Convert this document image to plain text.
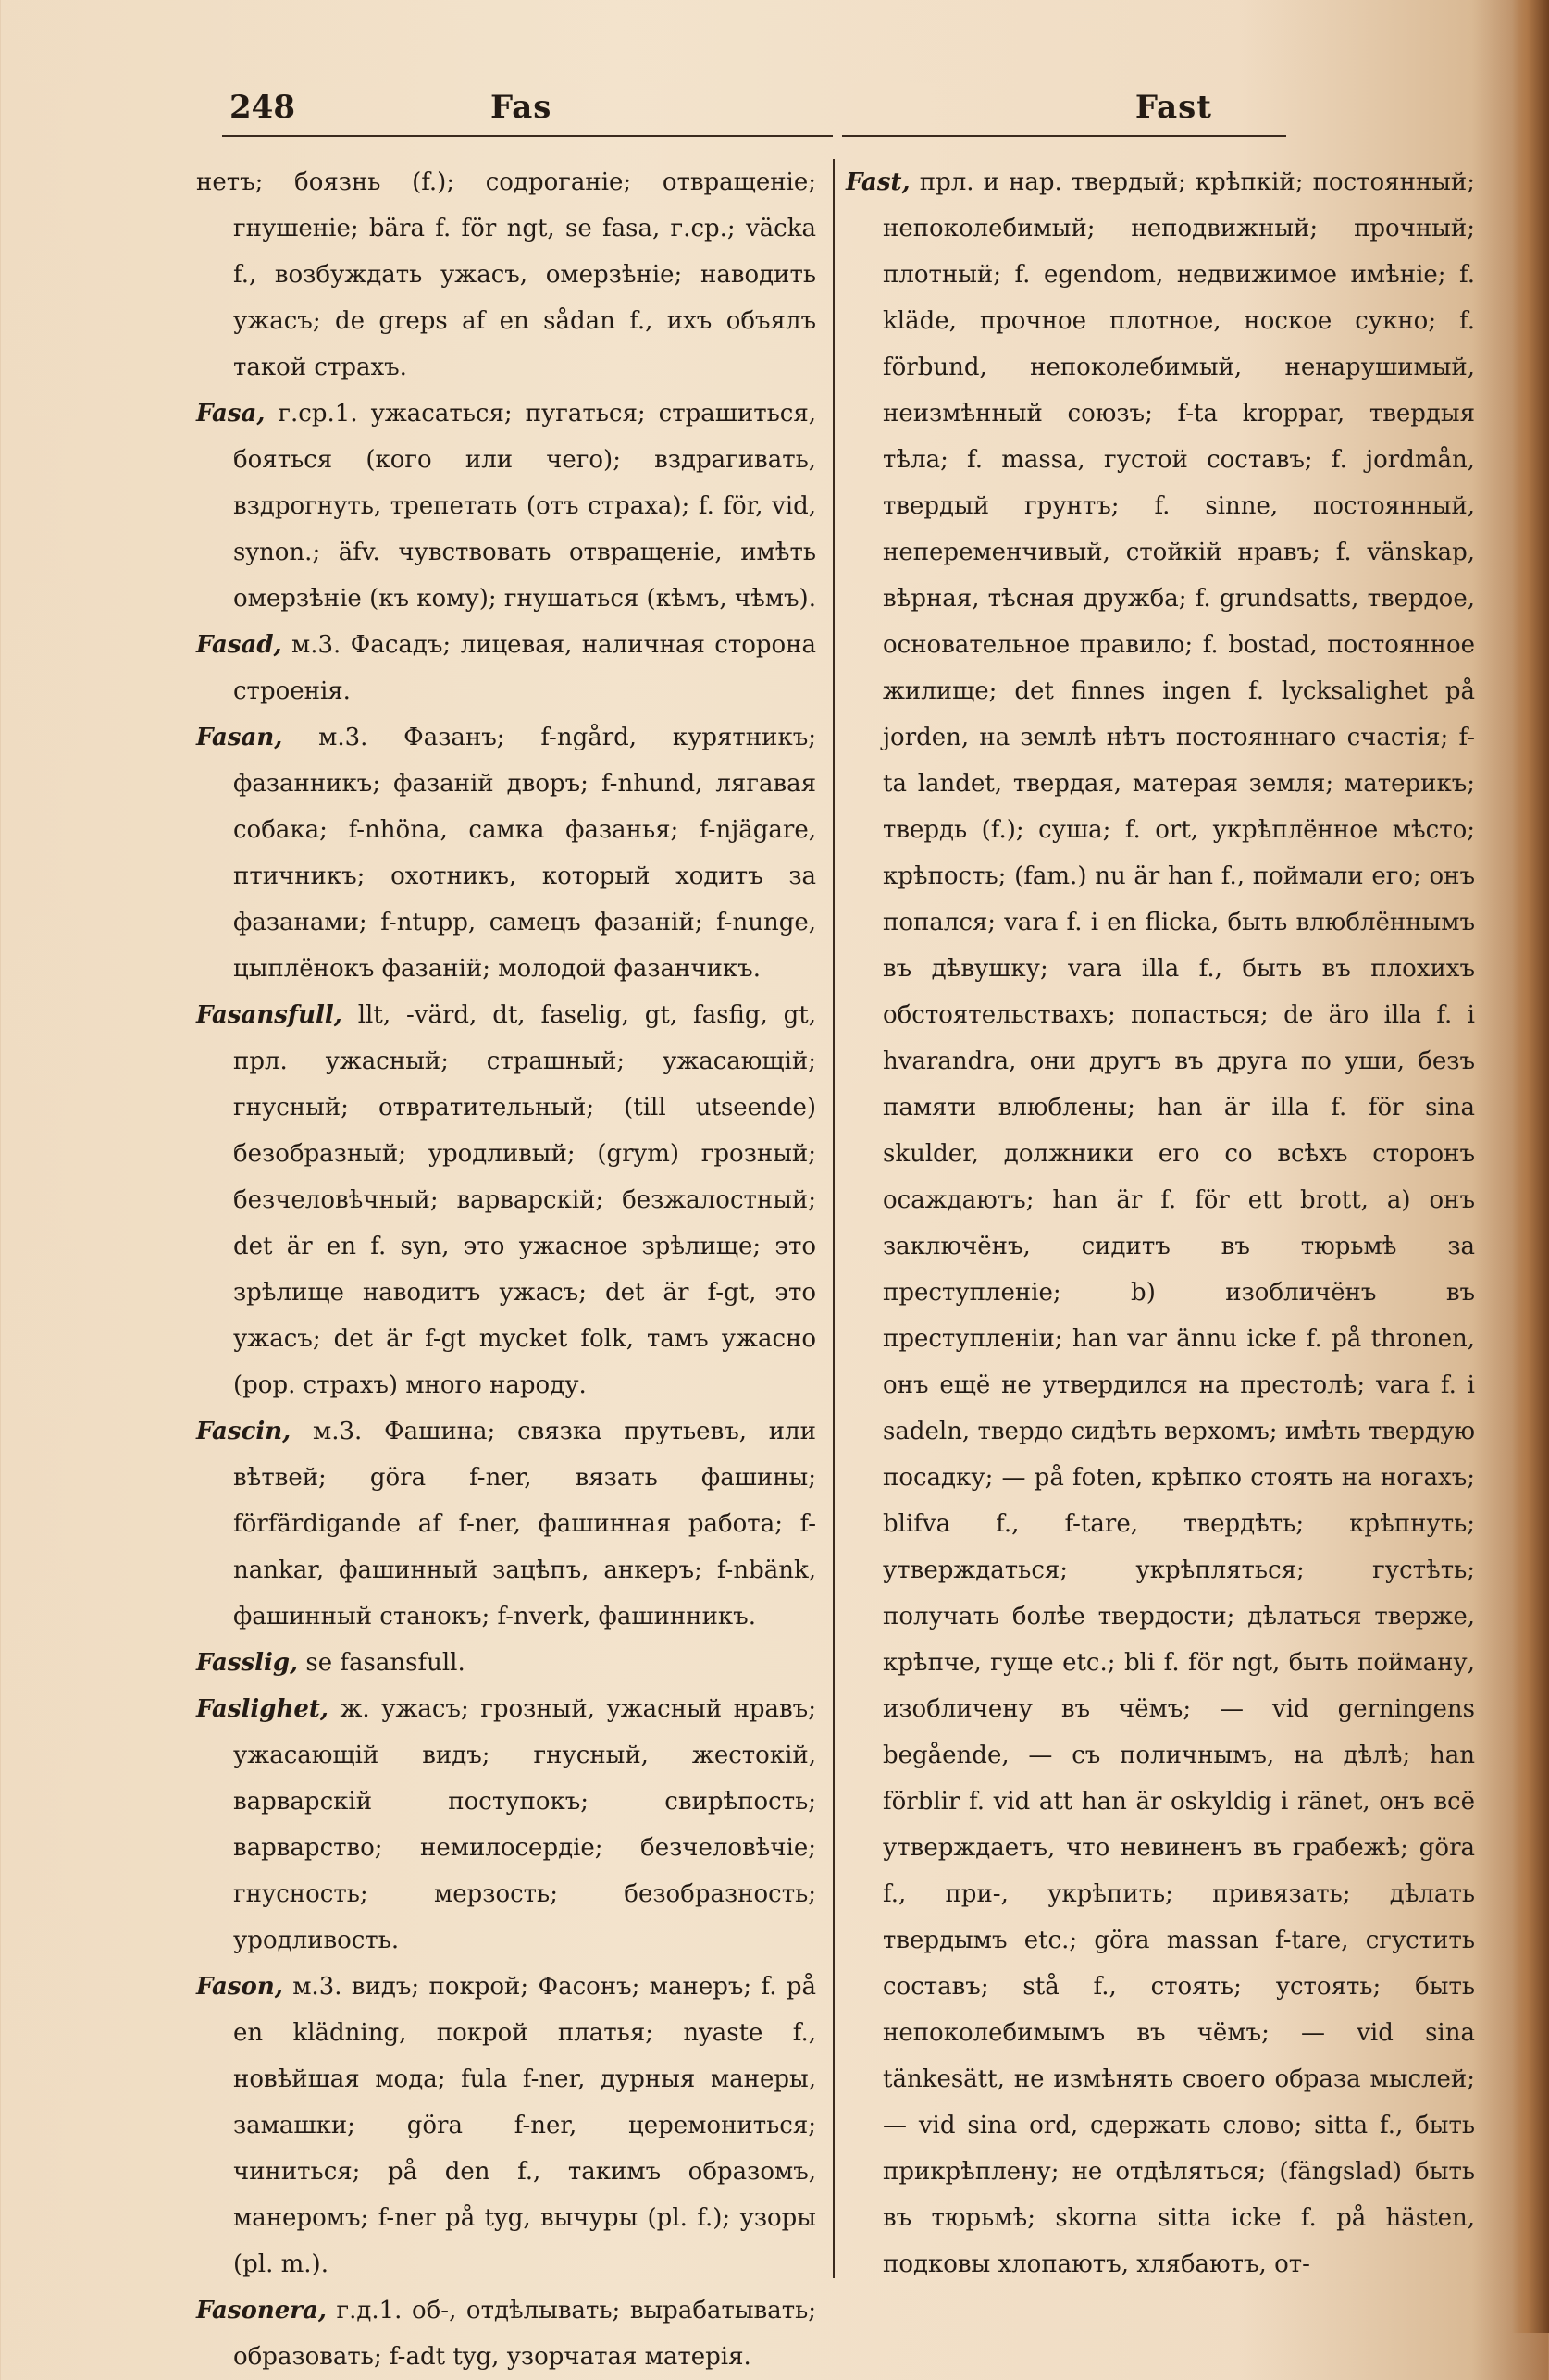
248	Fas	Fast

нетъ; боязнь (f.); содроганіе; отвращеніе; гнушеніе; bära f. för ngt, se fasa, г.ср.; väcka f., возбуждать ужасъ, омерзѣніе; наводить ужасъ; de greps af en sådan f., ихъ объялъ такой страхъ.

Fasa, г.ср.1. ужасаться; пугаться; страшиться, бояться (кого или чего); вздрагивать, вздрогнуть, трепетать (отъ страха); f. för, vid, synon.; äfv. чувствовать отвращеніе, имѣть омерзѣніе (къ кому); гнушаться (кѣмъ, чѣмъ).

Fasad, м.3. Фасадъ; лицевая, наличная сторона строенія.

Fasan, м.3. Фазанъ; f-ngård, курятникъ; фазанникъ; фазаній дворъ; f-nhund, лягавая собака; f-nhöna, самка фазанья; f-njägare, птичникъ; охотникъ, который ходитъ за фазанами; f-ntupp, самецъ фазаній; f-nunge, цыплёнокъ фазаній; молодой фазанчикъ.

Fasansfull, llt, -värd, dt, faselig, gt, fasfig, gt, прл. ужасный; страшный; ужасающій; гнусный; отвратительный; (till utseende) безобразный; уродливый; (grym) грозный; безчеловѣчный; варварскій; безжалостный; det är en f. syn, это ужасное зрѣлище; это зрѣлище наводитъ ужасъ; det är f-gt, это ужасъ; det är f-gt mycket folk, тамъ ужасно (рор. страхъ) много народу.

Fascin, м.3. Фашина; связка прутьевъ, или вѣтвей; göra f-ner, вязать фашины; förfärdigande af f-ner, фашинная работа; f-nankar, фашинный зацѣпъ, анкеръ; f-nbänk, фашинный станокъ; f-nverk, фашинникъ.

Fasslig, se fasansfull.

Faslighet, ж. ужасъ; грозный, ужасный нравъ; ужасающій видъ; гнусный, жестокій, варварскій поступокъ; свирѣпость; варварство; немилосердіе; безчеловѣчіе; гнусность; мерзость; безобразность; уродливость.

Fason, м.3. видъ; покрой; Фасонъ; манеръ; f. på en klädning, покрой платья; nyaste f., новѣйшая мода; fula f-ner, дурныя манеры, замашки; göra f-ner, церемониться; чиниться; på den f., такимъ образомъ, манеромъ; f-ner på tyg, вычуры (pl. f.); узоры (pl. m.).

Fasonera, г.д.1. об-, отдѣлывать; вырабатывать; образовать; f-adt tyg, узорчатая матерія.

Fast, прл. и нар. твердый; крѣпкій; постоянный; непоколебимый; неподвижный; прочный; плотный; f. egendom, недвижимое имѣніе; f. kläde, прочное плотное, ноское сукно; f. förbund, непоколебимый, ненарушимый, неизмѣнный союзъ; f-ta kroppar, твердыя тѣла; f. massa, густой составъ; f. jordmån, твердый грунтъ; f. sinne, постоянный, непеременчивый, стойкій нравъ; f. vänskap, вѣрная, тѣсная дружба; f. grundsatts, твердое, основательное правило; f. bostad, постоянное жилище; det finnes ingen f. lycksalighet på jorden, на землѣ нѣтъ постояннаго счастія; f-ta landet, твердая, матерая земля; материкъ; твердь (f.); суша; f. ort, укрѣплённое мѣсто; крѣпость; (fam.) nu är han f., поймали его; онъ попался; vara f. i en flicka, быть влюблённымъ въ дѣвушку; vara illa f., быть въ плохихъ обстоятельствахъ; попасться; de äro illa f. i hvarandra, они другъ въ друга по уши, безъ памяти влюблены; han är illa f. för sina skulder, должники его со всѣхъ сторонъ осаждаютъ; han är f. för ett brott, а) онъ заключёнъ, сидитъ въ тюрьмѣ за преступленіе; b) изобличёнъ въ преступленіи; han var ännu icke f. på thronen, онъ ещё не утвердился на престолѣ; vara f. i sadeln, твердо сидѣть верхомъ; имѣть твердую посадку; — på foten, крѣпко стоять на ногахъ; blifva f., f-tare, твердѣть; крѣпнуть; утверждаться; укрѣпляться; густѣть; получать болѣе твердости; дѣлаться тверже, крѣпче, гуще etc.; bli f. för ngt, быть пойману, изобличену въ чёмъ; — vid gerningens begående, — съ поличнымъ, на дѣлѣ; han förblir f. vid att han är oskyldig i ränet, онъ всё утверждаетъ, что невиненъ въ грабежѣ; göra f., при-, укрѣпить; привязать; дѣлать твердымъ etc.; göra massan f-tare, сгустить составъ; stå f., стоять; устоять; быть непоколебимымъ въ чёмъ; — vid sina tänkesätt, не измѣнять своего образа мыслей; — vid sina ord, сдержать слово; sitta f., быть прикрѣплену; не отдѣляться; (fängslad) быть въ тюрьмѣ; skorna sitta icke f. på hästen, подковы хлопаютъ, хлябаютъ, от-
